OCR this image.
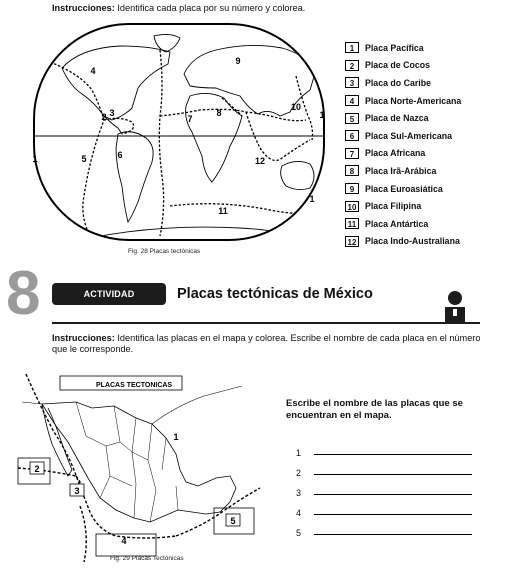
Instrucciones: Identifica cada placa por su número y colorea.
4
9
2 3
7
8
10
1
1	5	6
12
11
1
1	Placa Pacífica
2	Placa de Cocos
3	Placa do Caribe
4	Placa Norte-Americana
5	Placa de Nazca
6	Placa Sul-Americana
7	Placa Africana
8	Placa Irã-Arábica
9	Placa Euroasiática
10 Placa Filipina
11 Placa Antártica
12 Placa Indo-Australiana
Fig. 28 Placas tectónicas
8	ACTIVIDAD	Placas tectónicas de México
Instrucciones: Identifica las placas en el mapa y colorea. Escribe el nombre de cada placa en el número que le corresponde.
PLACAS TECTONICAS
1
2
3
4
5
Fig. 29 Placas Tectónicas
Escribe el nombre de las placas que se encuentran en el mapa.
1
2
3
4
5
